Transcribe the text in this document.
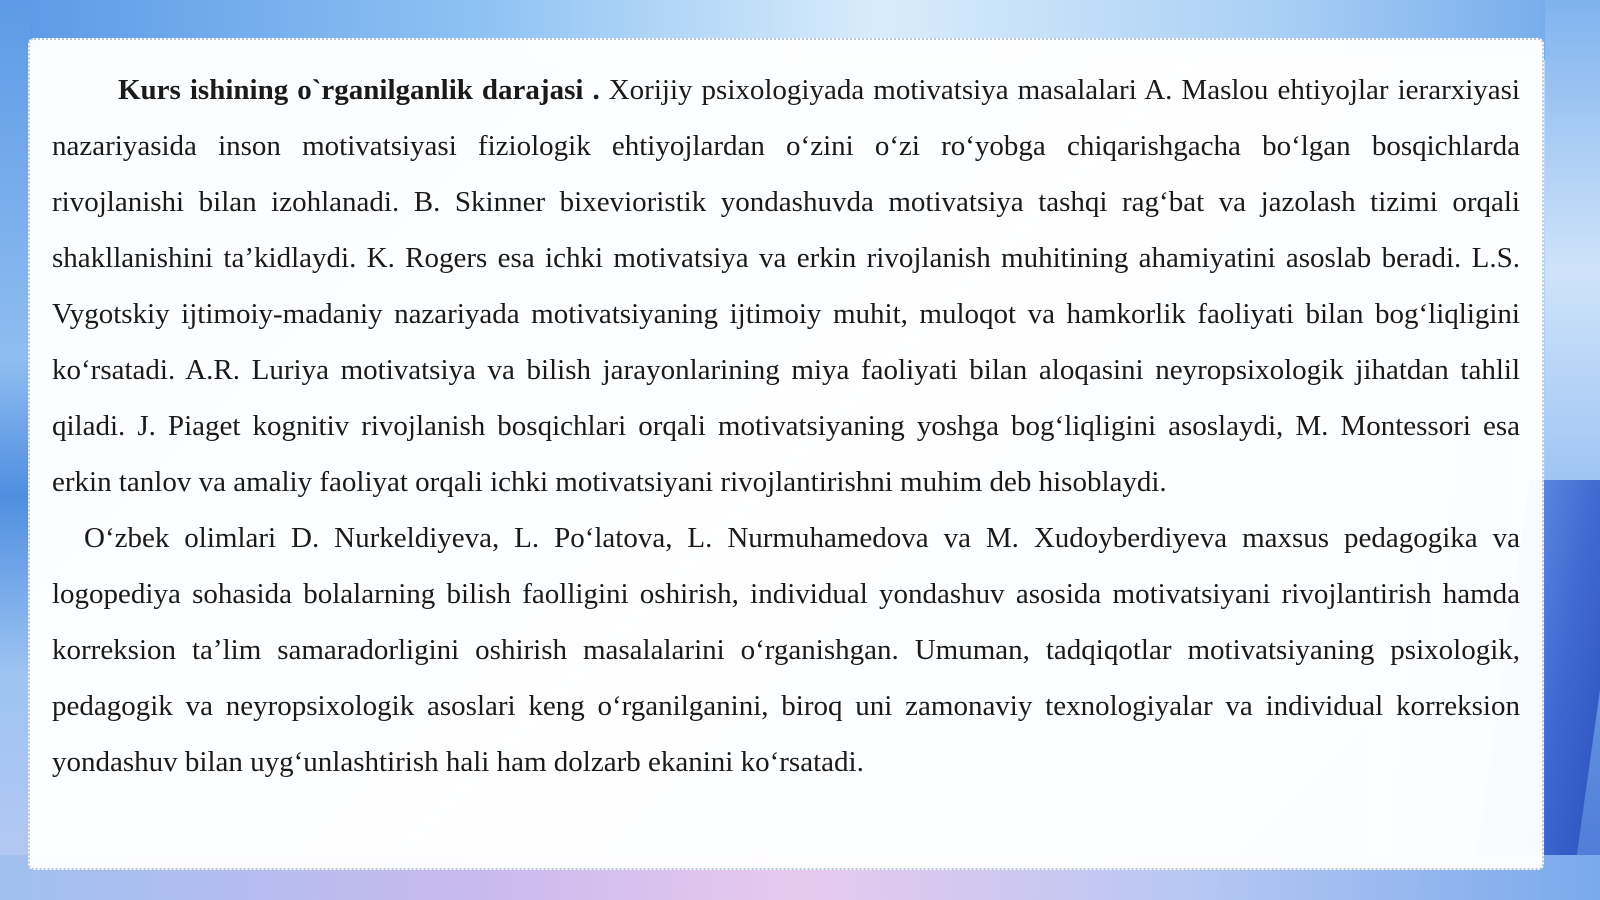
Kurs ishining o`rganilganlik darajasi . Xorijiy psixologiyada motivatsiya masalalari A. Maslou ehtiyojlar ierarxiyasi nazariyasida inson motivatsiyasi fiziologik ehtiyojlardan o‘zini o‘zi ro‘yobga chiqarishgacha bo‘lgan bosqichlarda rivojlanishi bilan izohlanadi. B. Skinner bixevioristik yondashuvda motivatsiya tashqi rag‘bat va jazolash tizimi orqali shakllanishini ta’kidlaydi. K. Rogers esa ichki motivatsiya va erkin rivojlanish muhitining ahamiyatini asoslab beradi. L.S. Vygotskiy ijtimoiy-madaniy nazariyada motivatsiyaning ijtimoiy muhit, muloqot va hamkorlik faoliyati bilan bog‘liqligini ko‘rsatadi. A.R. Luriya motivatsiya va bilish jarayonlarining miya faoliyati bilan aloqasini neyropsixologik jihatdan tahlil qiladi. J. Piaget kognitiv rivojlanish bosqichlari orqali motivatsiyaning yoshga bog‘liqligini asoslaydi, M. Montessori esa erkin tanlov va amaliy faoliyat orqali ichki motivatsiyani rivojlantirishni muhim deb hisoblaydi.

O‘zbek olimlari D. Nurkeldiyeva, L. Po‘latova, L. Nurmuhamedova va M. Xudoyberdiyeva maxsus pedagogika va logopediya sohasida bolalarning bilish faolligini oshirish, individual yondashuv asosida motivatsiyani rivojlantirish hamda korreksion ta’lim samaradorligini oshirish masalalarini o‘rganishgan. Umuman, tadqiqotlar motivatsiyaning psixologik, pedagogik va neyropsixologik asoslari keng o‘rganilganini, biroq uni zamonaviy texnologiyalar va individual korreksion yondashuv bilan uyg‘unlashtirish hali ham dolzarb ekanini ko‘rsatadi.
